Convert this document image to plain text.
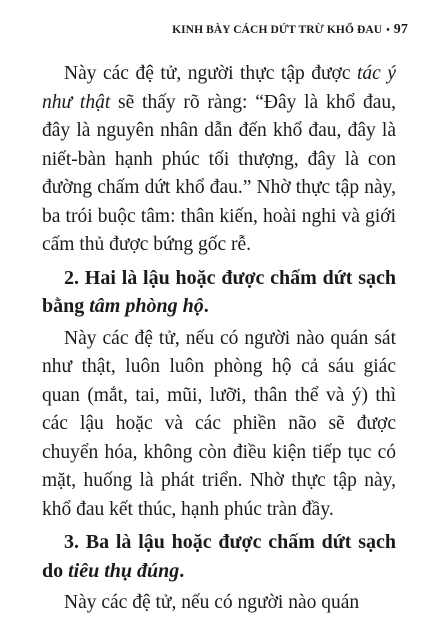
KINH BÀY CÁCH DỨT TRỪ KHỔ ĐAU • 97

Này các đệ tử, người thực tập được tác ý như thật sẽ thấy rõ ràng: “Đây là khổ đau, đây là nguyên nhân dẫn đến khổ đau, đây là niết-bàn hạnh phúc tối thượng, đây là con đường chấm dứt khổ đau.” Nhờ thực tập này, ba trói buộc tâm: thân kiến, hoài nghi và giới cấm thủ được bứng gốc rễ.

2. Hai là lậu hoặc được chấm dứt sạch bằng tâm phòng hộ.

Này các đệ tử, nếu có người nào quán sát như thật, luôn luôn phòng hộ cả sáu giác quan (mắt, tai, mũi, lưỡi, thân thể và ý) thì các lậu hoặc và các phiền não sẽ được chuyển hóa, không còn điều kiện tiếp tục có mặt, huống là phát triển. Nhờ thực tập này, khổ đau kết thúc, hạnh phúc tràn đầy.

3. Ba là lậu hoặc được chấm dứt sạch do tiêu thụ đúng.

Này các đệ tử, nếu có người nào quán
